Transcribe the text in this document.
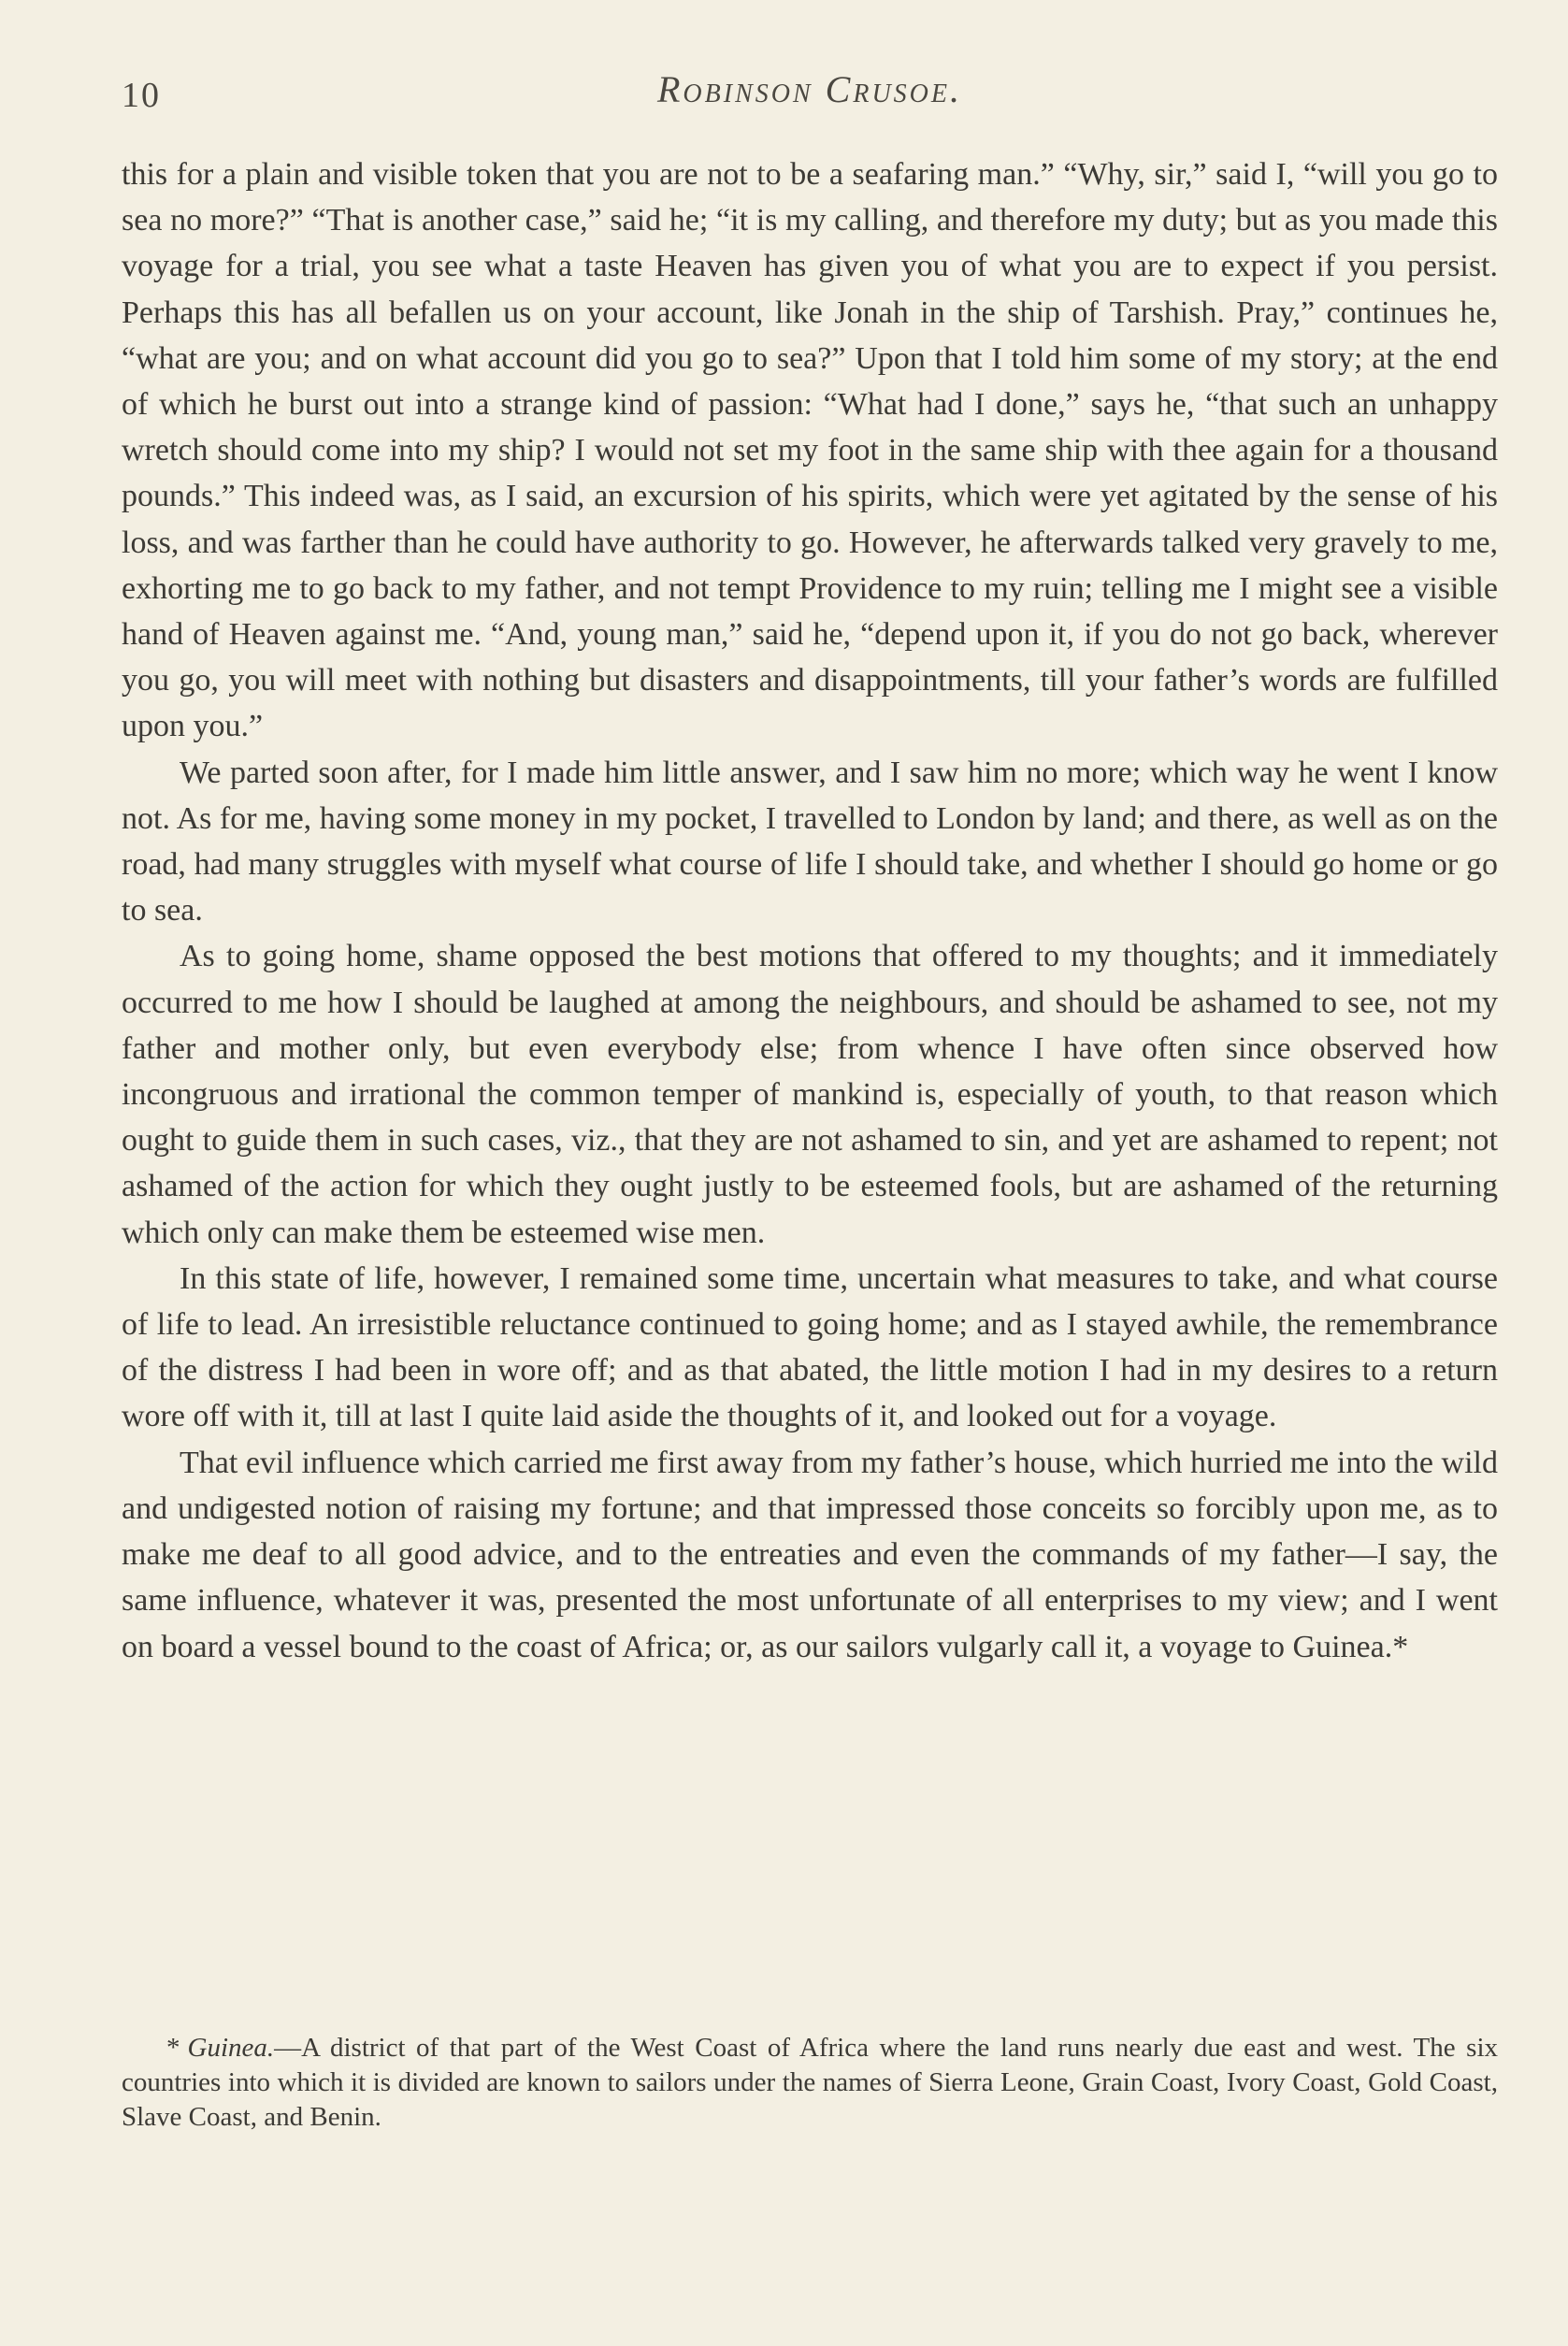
10	Robinson Crusoe.

this for a plain and visible token that you are not to be a seafaring man.” “Why, sir,” said I, “will you go to sea no more?” “That is another case,” said he; “it is my calling, and therefore my duty; but as you made this voyage for a trial, you see what a taste Heaven has given you of what you are to expect if you persist. Perhaps this has all befallen us on your account, like Jonah in the ship of Tarshish. Pray,” continues he, “what are you; and on what account did you go to sea?” Upon that I told him some of my story; at the end of which he burst out into a strange kind of passion: “What had I done,” says he, “that such an unhappy wretch should come into my ship? I would not set my foot in the same ship with thee again for a thousand pounds.” This indeed was, as I said, an excursion of his spirits, which were yet agitated by the sense of his loss, and was farther than he could have authority to go. However, he afterwards talked very gravely to me, exhorting me to go back to my father, and not tempt Providence to my ruin; telling me I might see a visible hand of Heaven against me. “And, young man,” said he, “depend upon it, if you do not go back, wherever you go, you will meet with nothing but disasters and disappointments, till your father’s words are fulfilled upon you.”

We parted soon after, for I made him little answer, and I saw him no more; which way he went I know not. As for me, having some money in my pocket, I travelled to London by land; and there, as well as on the road, had many struggles with myself what course of life I should take, and whether I should go home or go to sea.

As to going home, shame opposed the best motions that offered to my thoughts; and it immediately occurred to me how I should be laughed at among the neighbours, and should be ashamed to see, not my father and mother only, but even everybody else; from whence I have often since observed how incongruous and irrational the common temper of mankind is, especially of youth, to that reason which ought to guide them in such cases, viz., that they are not ashamed to sin, and yet are ashamed to repent; not ashamed of the action for which they ought justly to be esteemed fools, but are ashamed of the returning which only can make them be esteemed wise men.

In this state of life, however, I remained some time, uncertain what measures to take, and what course of life to lead. An irresistible reluctance continued to going home; and as I stayed awhile, the remembrance of the distress I had been in wore off; and as that abated, the little motion I had in my desires to a return wore off with it, till at last I quite laid aside the thoughts of it, and looked out for a voyage.

That evil influence which carried me first away from my father’s house, which hurried me into the wild and undigested notion of raising my fortune; and that impressed those conceits so forcibly upon me, as to make me deaf to all good advice, and to the entreaties and even the commands of my father—I say, the same influence, whatever it was, presented the most unfortunate of all enterprises to my view; and I went on board a vessel bound to the coast of Africa; or, as our sailors vulgarly call it, a voyage to Guinea.*

* Guinea.—A district of that part of the West Coast of Africa where the land runs nearly due east and west. The six countries into which it is divided are known to sailors under the names of Sierra Leone, Grain Coast, Ivory Coast, Gold Coast, Slave Coast, and Benin.
